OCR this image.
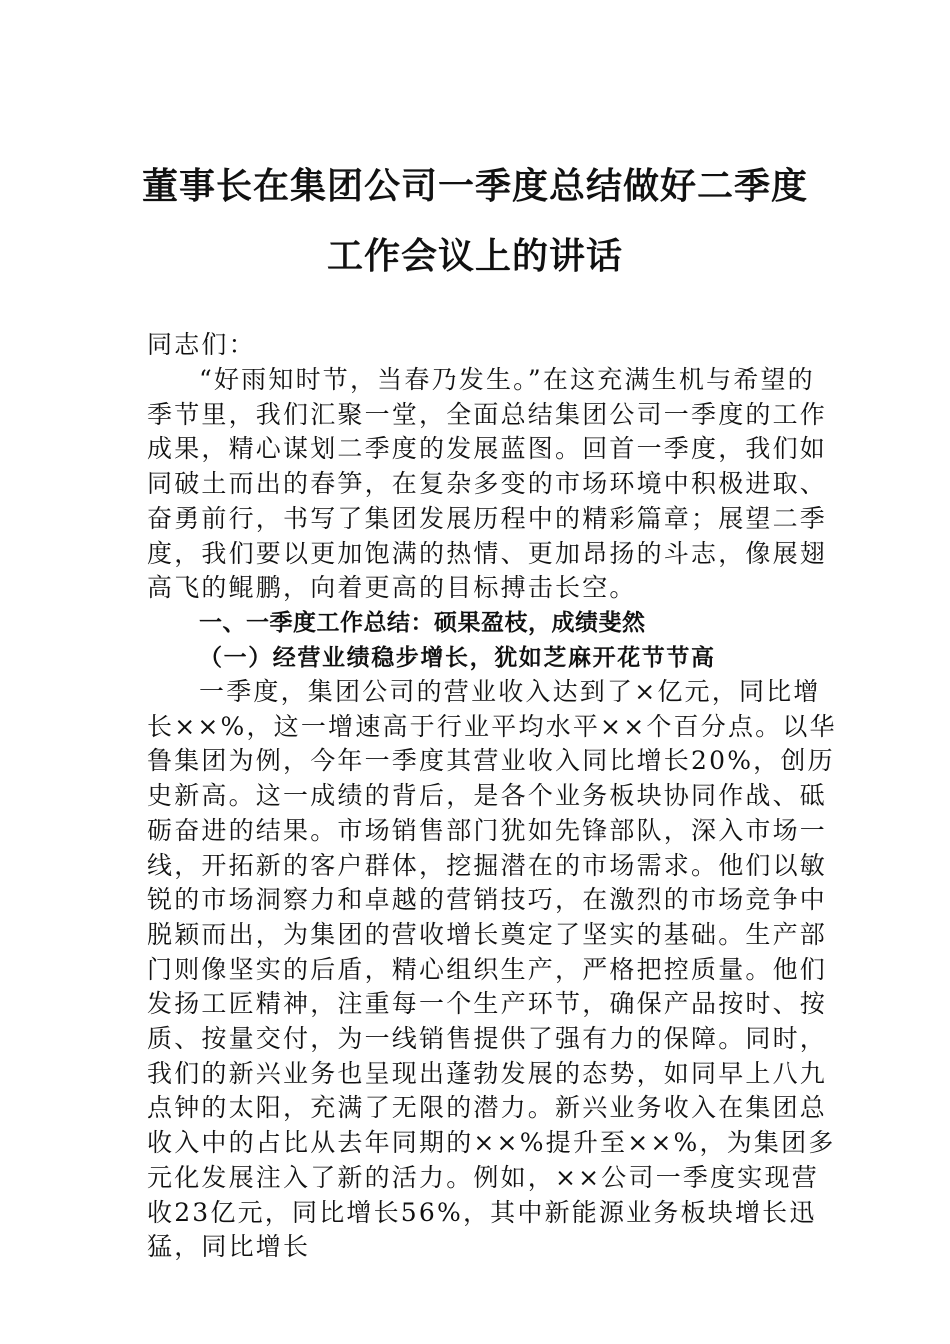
董事长在集团公司一季度总结做好二季度
工作会议上的讲话
同志们：
“好雨知时节，当春乃发生。”在这充满生机与希望的季节里，我们汇聚一堂，全面总结集团公司一季度的工作成果，精心谋划二季度的发展蓝图。回首一季度，我们如同破土而出的春笋，在复杂多变的市场环境中积极进取、奋勇前行，书写了集团发展历程中的精彩篇章；展望二季度，我们要以更加饱满的热情、更加昂扬的斗志，像展翅高飞的鲲鹏，向着更高的目标搏击长空。
一、一季度工作总结：硕果盈枝，成绩斐然
（一）经营业绩稳步增长，犹如芝麻开花节节高
一季度，集团公司的营业收入达到了×亿元，同比增长××%，这一增速高于行业平均水平××个百分点。以华鲁集团为例，今年一季度其营业收入同比增长20%，创历史新高。这一成绩的背后，是各个业务板块协同作战、砥砺奋进的结果。市场销售部门犹如先锋部队，深入市场一线，开拓新的客户群体，挖掘潜在的市场需求。他们以敏锐的市场洞察力和卓越的营销技巧，在激烈的市场竞争中脱颖而出，为集团的营收增长奠定了坚实的基础。生产部门则像坚实的后盾，精心组织生产，严格把控质量。他们发扬工匠精神，注重每一个生产环节，确保产品按时、按质、按量交付，为一线销售提供了强有力的保障。同时，我们的新兴业务也呈现出蓬勃发展的态势，如同早上八九点钟的太阳，充满了无限的潜力。新兴业务收入在集团总收入中的占比从去年同期的××%提升至××%，为集团多元化发展注入了新的活力。例如，××公司一季度实现营收23亿元，同比增长56%，其中新能源业务板块增长迅猛，同比增长
